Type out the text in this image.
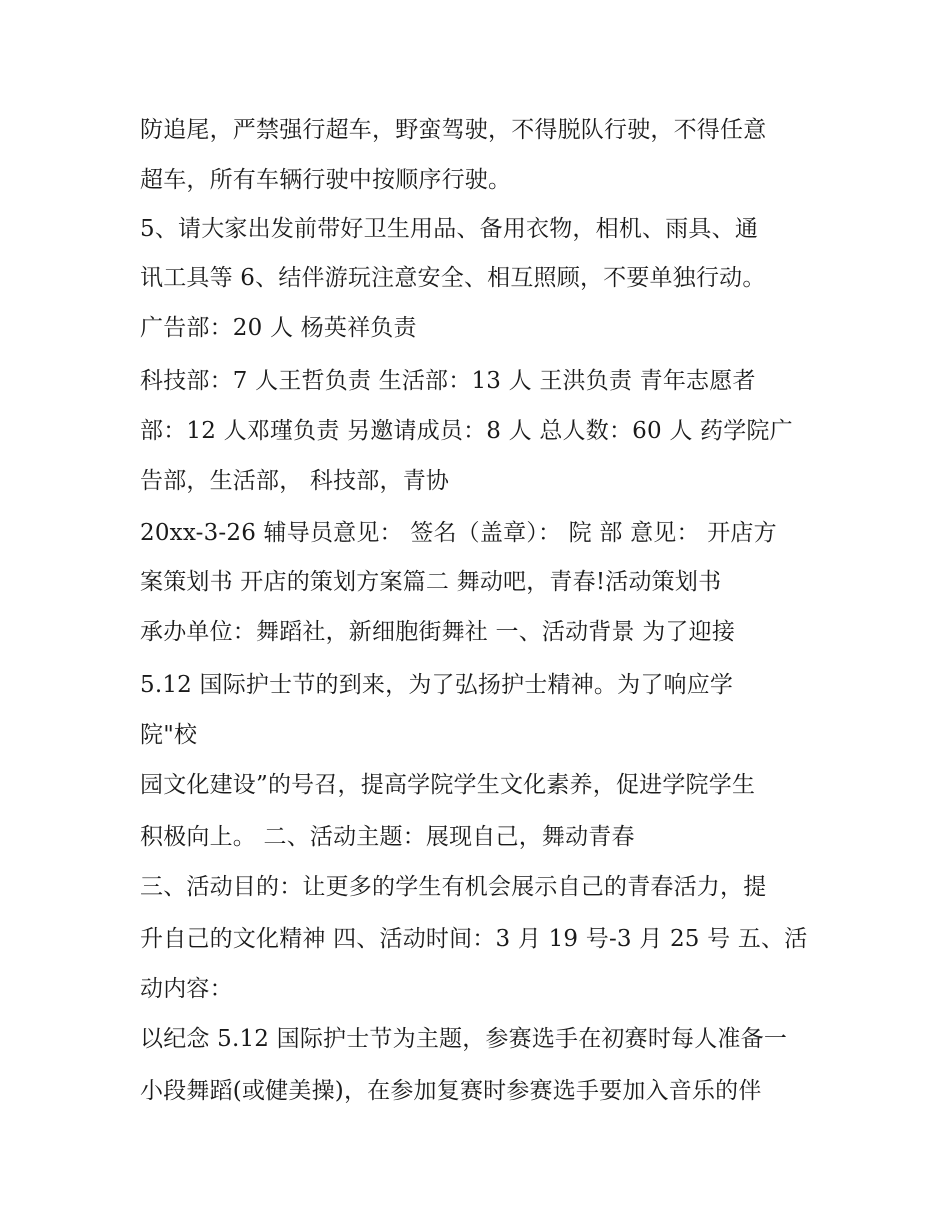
防追尾，严禁强行超车，野蛮驾驶，不得脱队行驶，不得任意
超车，所有车辆行驶中按顺序行驶。
5、请大家出发前带好卫生用品、备用衣物，相机、雨具、通
讯工具等 6、结伴游玩注意安全、相互照顾，不要单独行动。
广告部：20 人 杨英祥负责
科技部：7 人王哲负责 生活部：13 人 王洪负责 青年志愿者
部：12 人邓瑾负责 另邀请成员：8 人 总人数：60 人 药学院广
告部，生活部， 科技部，青协
20xx-3-26 辅导员意见： 签名（盖章）： 院 部 意见： 开店方
案策划书 开店的策划方案篇二 舞动吧，青春!活动策划书
承办单位：舞蹈社，新细胞街舞社 一、活动背景 为了迎接
5.12 国际护士节的到来，为了弘扬护士精神。为了响应学
院"校
园文化建设”的号召，提高学院学生文化素养，促进学院学生
积极向上。 二、活动主题：展现自己，舞动青春
三、活动目的：让更多的学生有机会展示自己的青春活力，提
升自己的文化精神 四、活动时间：3 月 19 号-3 月 25 号 五、活
动内容：
以纪念 5.12 国际护士节为主题，参赛选手在初赛时每人准备一
小段舞蹈(或健美操)，在参加复赛时参赛选手要加入音乐的伴
